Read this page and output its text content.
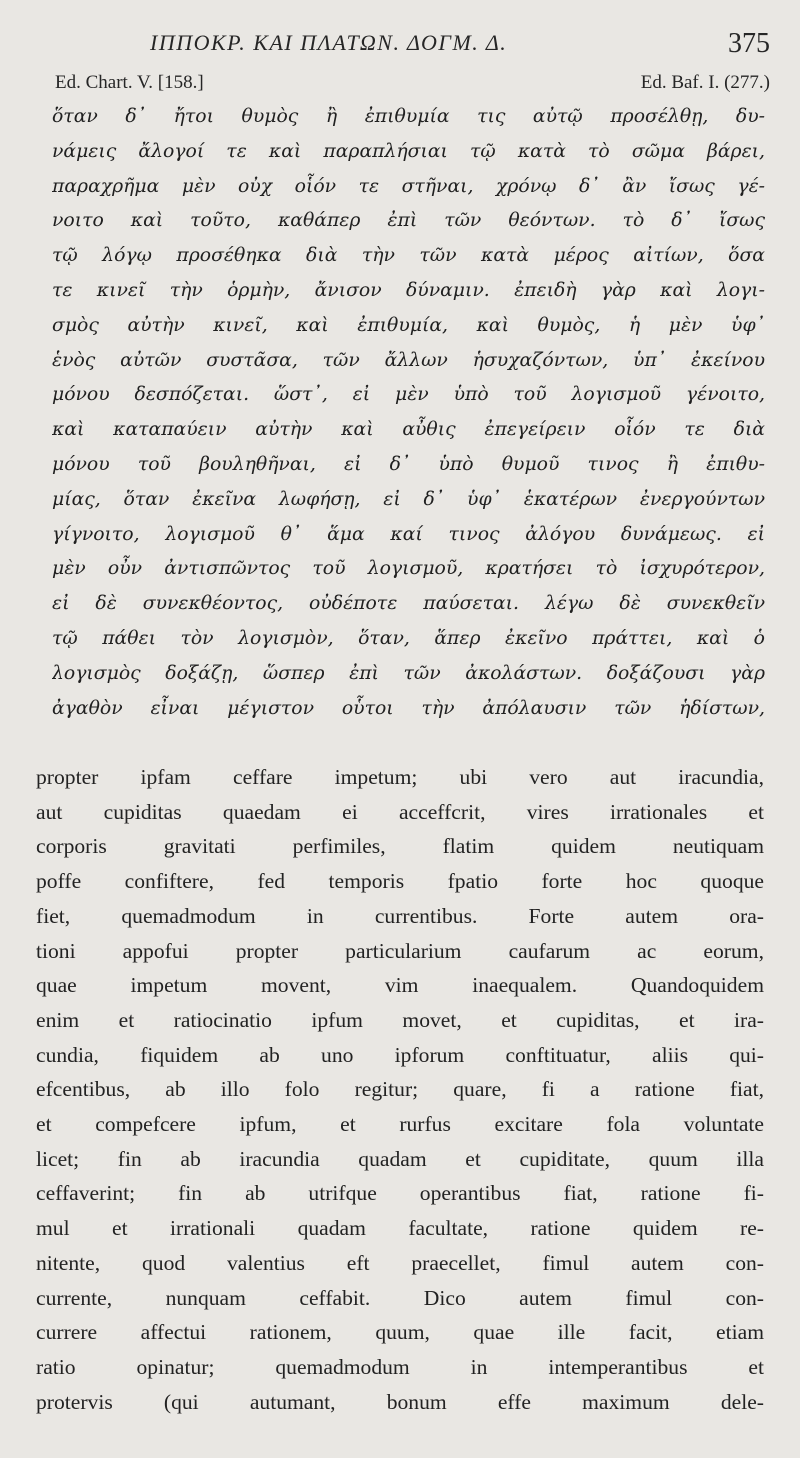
ΙΠΠΟΚΡ. ΚΑΙ ΠΛΑΤΩΝ. ΔΟΓΜ. Δ.	375
Ed. Chart. V. [158.]	Ed. Baf. I. (277.)
ὅταν δ᾽ ἤτοι θυμὸς ἢ ἐπιθυμία τις αὐτῷ προσέλθῃ, δυ-
νάμεις ἄλογοί τε καὶ παραπλήσιαι τῷ κατὰ τὸ σῶμα βάρει,
παραχρῆμα μὲν οὐχ οἷόν τε στῆναι, χρόνῳ δ᾽ ἂν ἴσως γέ-
νοιτο καὶ τοῦτο, καθάπερ ἐπὶ τῶν θεόντων. τὸ δ᾽ ἴσως
τῷ λόγῳ προσέθηκα διὰ τὴν τῶν κατὰ μέρος αἰτίων, ὅσα
τε κινεῖ τὴν ὁρμὴν, ἄνισον δύναμιν. ἐπειδὴ γὰρ καὶ λογι-
σμὸς αὐτὴν κινεῖ, καὶ ἐπιθυμία, καὶ θυμὸς, ἡ μὲν ὑφ᾽
ἑνὸς αὐτῶν συστᾶσα, τῶν ἄλλων ἡσυχαζόντων, ὑπ᾽ ἐκείνου
μόνου δεσπόζεται. ὥστ᾽, εἰ μὲν ὑπὸ τοῦ λογισμοῦ γένοιτο,
καὶ καταπαύειν αὐτὴν καὶ αὖθις ἐπεγείρειν οἷόν τε διὰ
μόνου τοῦ βουληθῆναι, εἰ δ᾽ ὑπὸ θυμοῦ τινος ἢ ἐπιθυ-
μίας, ὅταν ἐκεῖνα λωφήσῃ, εἰ δ᾽ ὑφ᾽ ἑκατέρων ἐνεργούντων
γίγνοιτο, λογισμοῦ θ᾽ ἅμα καί τινος ἀλόγου δυνάμεως. εἰ
μὲν οὖν ἀντισπῶντος τοῦ λογισμοῦ, κρατήσει τὸ ἰσχυρότερον,
εἰ δὲ συνεκθέοντος, οὐδέποτε παύσεται. λέγω δὲ συνεκθεῖν
τῷ πάθει τὸν λογισμὸν, ὅταν, ἅπερ ἐκεῖνο πράττει, καὶ ὁ
λογισμὸς δοξάζῃ, ὥσπερ ἐπὶ τῶν ἀκολάστων. δοξάζουσι γὰρ
ἀγαθὸν εἶναι μέγιστον οὗτοι τὴν ἀπόλαυσιν τῶν ἡδίστων,
propter ipfam ceffare impetum; ubi vero aut iracundia,
aut cupiditas quaedam ei acceffcrit, vires irrationales et
corporis gravitati perfimiles, flatim quidem neutiquam
poffe confiftere, fed temporis fpatio forte hoc quoque
fiet, quemadmodum in currentibus. Forte autem ora-
tioni appofui propter particularium caufarum ac eorum,
quae impetum movent, vim inaequalem. Quandoquidem
enim et ratiocinatio ipfum movet, et cupiditas, et ira-
cundia, fiquidem ab uno ipforum conftituatur, aliis qui-
efcentibus, ab illo folo regitur; quare, fi a ratione fiat,
et compefcere ipfum, et rurfus excitare fola voluntate
licet; fin ab iracundia quadam et cupiditate, quum illa
ceffaverint; fin ab utrifque operantibus fiat, ratione fi-
mul et irrationali quadam facultate, ratione quidem re-
nitente, quod valentius eft praecellet, fimul autem con-
currente, nunquam ceffabit. Dico autem fimul con-
currere affectui rationem, quum, quae ille facit, etiam
ratio opinatur; quemadmodum in intemperantibus et
protervis (qui autumant, bonum effe maximum dele-
